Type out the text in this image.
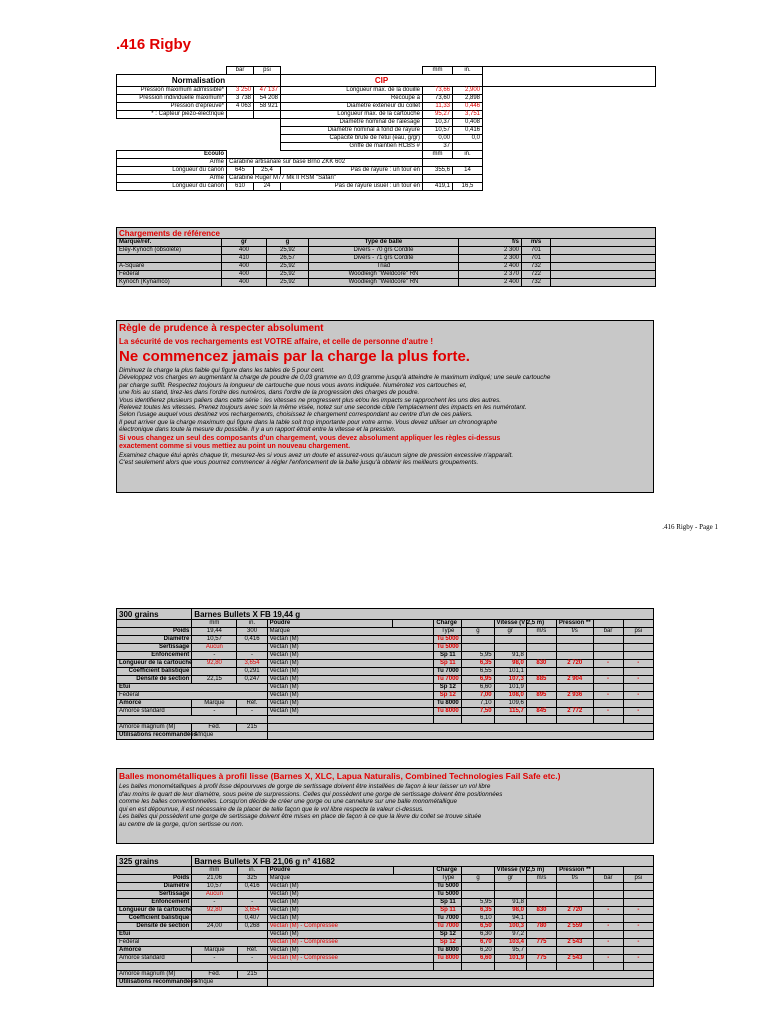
.416 Rigby
	bar	psi		mm	in.	
Normalisation			CIP			
Pression maximum admissible*	3 250	47 137	Longueur max. de la douille	73,66	2,900	
Pression individuelle maximum*	3 738	54 208	Recoupe à	73,60	2,898	
Pression d'épreuve*	4 063	58 921	Diamètre extérieur du collet	11,33	0,446	
* : Capteur piézo-électrique			Longueur max. de la cartouche	95,27	3,751	
			Diamètre nominal de l'alésage	10,37	0,408	
			Diamètre nominal à fond de rayure	10,57	0,416	
			Capacité brute de l'étui (eau, g/gr)	0,00	0,0	
			Griffe de maintien RCBS #	37		
Ecoulo				mm	in.	
Arme	Carabine artisanale sur base Brno ZKK 602					
Longueur du canon	645	25,4	Pas de rayure : un tour en	355,6	14	
Arme	Carabine Ruger M77 Mk II RSM "Safari"					
Longueur du canon	610	24	Pas de rayure usuel : un tour en	419,1	16,5	
Chargements de référence						
Marque/réf.	gr	g	Type de balle	f/s	m/s	
Eley-Kynoch (obsolète)	400	25,92	Divers - 70 grs Cordite	2 300	701	
	410	26,57	Divers - 71 grs Cordite	2 300	701	
A-Square	400	25,92	Triad	2 400	732	
Federal	400	25,92	Woodleigh "Weldcore" RN	2 370	722	
Kynoch (Kynamco)	400	25,92	Woodleigh "Weldcore" RN	2 400	732	
Règle de prudence à respecter absolument
La sécurité de vos rechargements est VOTRE affaire, et celle de personne d'autre !
Ne commencez jamais par la charge la plus forte.
Diminuez la charge la plus faible qui figure dans les tables de 5 pour cent.
Développez vos charges en augmentant la charge de poudre de 0,03 gramme en 0,03 gramme jusqu'à atteindre le maximum indiqué; une seule cartouche
par charge suffit. Respectez toujours la longueur de cartouche que nous vous avons indiquée. Numérotez vos cartouches et,
une fois au stand, tirez-les dans l'ordre des numéros, dans l'ordre de la progression des charges de poudre.
Vous identifierez plusieurs paliers dans cette série : les vitesses ne progressent plus et/ou les impacts se rapprochent les uns des autres.
Relevez toutes les vitesses. Prenez toujours avec soin la même visée, notez sur une seconde cible l'emplacement des impacts en les numérotant.
Selon l'usage auquel vous destinez vos rechargements, choisissez le chargement correspondant au centre d'un de ces paliers.
Il peut arriver que la charge maximum qui figure dans la table soit trop importante pour votre arme. Vous devez utiliser un chronographe
électronique dans toute la mesure du possible. Il y a un rapport étroit entre la vitesse et la pression.
Si vous changez un seul des composants d'un chargement, vous devez absolument appliquer les règles ci-dessus
exactement comme si vous mettiez au point un nouveau chargement.
Examinez chaque étui après chaque tir, mesurez-les si vous avez un doute et assurez-vous qu'aucun signe de pression excessive n'apparaît.
C'est seulement alors que vous pourrez commencer à régler l'enfoncement de la balle jusqu'à obtenir les meilleurs groupements.
.416 Rigby - Page 1
300 grains	Barnes Bullets X FB 19,44 g										
	mm	in.	Poudre		Charge		Vitesse (V 2,5 m)		Pression **		
Poids	19,44	300	Marque		Type	g	gr	m/s	f/s	bar	psi
Diamètre	10,57	0,416	Vectan (M)		Tu 5000						
Sertissage	Aucun		Vectan (M)		Tu 5000						
Enfoncement	-	-	Vectan (M)		Sp 11	5,95	91,8				
Longueur de la cartouche	92,80	3,654	Vectan (M)		Sp 11	6,35	98,0	830	2 720	-	-
Coefficient balistique		0,291	Vectan (M)		Tu 7000	6,55	101,1				
Densité de section	22,15	0,247	Vectan (M)		Tu 7000	6,95	107,3	885	2 904	-	-
Etui			Vectan (M)		Sp 12	6,60	101,9				
Federal			Vectan (M)		Sp 12	7,00	108,0	895	2 936	-	-
Amorce	Marque	Réf.	Vectan (M)		Tu 8000	7,10	109,6				
Amorce standard	-	-	Vectan (M)		Tu 8000	7,50	115,7	845	2 772	-	-

Amorce magnum (M)	Fed.	215									
Utilisations recommandées	Afrique										
Balles monométalliques à profil lisse (Barnes X, XLC, Lapua Naturalis, Combined Technologies Fail Safe etc.)
Les balles monométalliques à profil lisse dépourvues de gorge de sertissage doivent être installées de façon à leur laisser un vol libre
d'au moins le quart de leur diamètre, sous peine de surpressions. Celles qui possèdent une gorge de sertissage doivent être positionnées
comme les balles conventionnelles. Lorsqu'on décide de créer une gorge ou une cannelure sur une balle monométallique
qui en est dépourvue, il est nécessaire de la placer de telle façon que le vol libre respecte la valeur ci-dessus.
Les balles qui possèdent une gorge de sertissage doivent être mises en place de façon à ce que la lèvre du collet se trouve située
au centre de la gorge, qu'on sertisse ou non.
325 grains	Barnes Bullets X FB 21,06 g n° 41682										
	mm	in.	Poudre		Charge		Vitesse (V 2,5 m)		Pression **		
Poids	21,06	325	Marque		Type	g	gr	m/s	f/s	bar	psi
Diamètre	10,57	0,416	Vectan (M)		Tu 5000						
Sertissage	Aucun		Vectan (M)		Tu 5000						
Enfoncement	-	-	Vectan (M)		Sp 11	5,95	91,8				
Longueur de la cartouche	92,80	3,654	Vectan (M)		Sp 11	6,35	98,0	830	2 720	-	-
Coefficient balistique		0,407	Vectan (M)		Tu 7000	6,10	94,1				
Densité de section	24,00	0,268	Vectan (M) - Compressée		Tu 7000	6,50	100,3	780	2 559	-	-
Etui			Vectan (M)		Sp 12	6,30	97,2				
Federal			Vectan (M) - Compressée		Sp 12	6,70	103,4	775	2 543	-	-
Amorce	Marque	Réf.	Vectan (M)		Tu 8000	6,20	95,7				
Amorce standard	-	-	Vectan (M) - Compressée		Tu 8000	6,60	101,9	775	2 543	-	-

Amorce magnum (M)	Fed.	215									
Utilisations recommandées	Afrique										
